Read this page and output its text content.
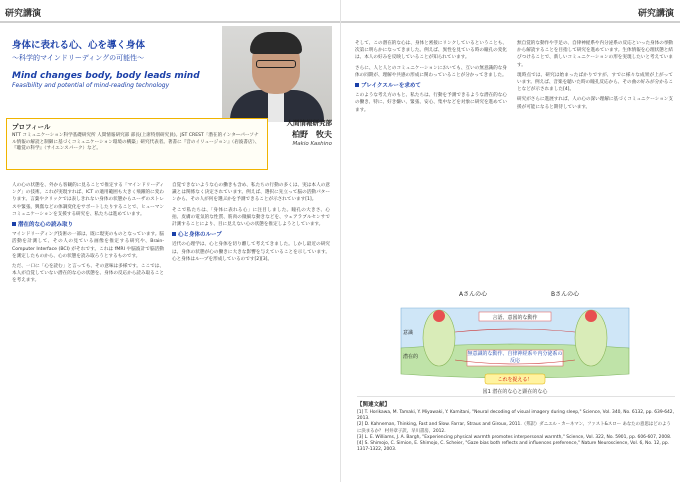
研究講演
身体に表れる心、心を導く身体
～科学的マインドリーディングの可能性～
Mind changes body, body leads mind
Feasibility and potential of mind-reading technology
プロフィール
NTT コミュニケーション科学基礎研究所 人間情報研究部 部長(上席特別研究員)。JST CREST「潜在的インタ―パーソナル情報の解読と制御に基づくコミュニケーション環境の構築」研究代表者。著書に『音のイリュージョン』（岩波書店）、『聴覚の科学』（サイエンスパーク）など。
人間情報研究部
柏野　牧夫
Makio Kashino

人の心の状態を、外から客観的に見ることで推定する「マインドリーディング」の技術。これが実現すれば、ICT の適用範囲も大きく飛躍的に変わります。言葉やクリックでは表しきれない身体の状態からユーザのストレスや緊張、興奮などの体調変化をサポートしたりすることで、ヒューマンコミュニケーションを支援する研究を、私たちは進めています。

潜在的な心の読み取り

マインドリーディング技術の一部は、既に現実のものとなっています。脳活動を計測して、その人の見ている画像を推定する研究や、Brain-Computer Interface (BCI) がそれです。これは fMRI や脳波計で脳活動を測定したものから、心の状態を読み取ろうとするものです。

ただ、一口に「心を読む」と言っても、その意味は多様です。ここでは、本人が自覚していない潜在的な心の状態を、身体の反応から読み取ることを考えます。

自覚できないような心の働きも含め、私たちの行動の多くは、実は本人の意識とは関係なく決定されています。例えば、選択に先立って脳の活動パターンから、その人が何を選ぶかを予測できることが示されています[1]。

そこで私たちは、「身体に表れる心」に注目しました。瞳孔の大きさ、心拍、皮膚の電気的な性質、筋肉の微細な動きなどを、ウェアラブルセンサで計測することにより、目に見えない心の状態を推定しようとしています。

心と身体のループ

近代の心理学は、心と身体を切り離して考えてきました。しかし最近の研究は、身体の状態が心の働きに大きな影響を与えていることを示しています。心と身体はループを形成しているのです[2][3]。

研究講演

そして、この潜在的な心は、身体と密接にリンクしているということも、次第に明らかになってきました。例えば、異性を見ている時の瞳孔の変化は、本人の好みを反映していることが知られています。

さらに、人と人とのコミュニケーションにおいても、互いの無意識的な身体の同期が、理解や共感の形成に関わっていることが分かってきました。

ブレイクスルーを求めて

このような考え方のもと、私たちは、行動を予測できるような潜在的な心の働き、特に、好き嫌い、緊張、安心、集中などを対象に研究を進めています。

無自覚的な動作や手足の、自律神経系や内分泌系の反応といった身体の挙動から解読することを目指して研究を進めています。生体情報を心理状態と結びつけることで、新しいコミュニケーションの形を実現したいと考えています。

現時点では、研究は始まったばかりですが、すでに様々な成果が上がっています。例えば、音楽を聴いた時の瞳孔反応から、その曲の好みが分かることなどが示されました[4]。

研究がさらに進展すれば、人の心の深い理解に基づくコミュニケーション支援が可能になると期待しています。

Aさんの心	Bさんの心
言語、意図的な動作
意識
潜在的	無意識的な動作、自律神経系や内分泌系の反応
これを捉える！
図1 潜在的な心と顕在的な心
【関連文献】
[1] T. Horikawa, M. Tamaki, Y. Miyawaki, Y. Kamitani, "Neural decoding of visual imagery during sleep," Science, Vol. 340, No. 6132, pp. 639-642, 2013.
[2] D. Kahneman, Thinking, Fast and Slow. Farrar, Straus and Giroux, 2011.（邦訳）ダニエル・カーネマン、ファスト&スロー あなたの意思はどのように決まるか？ 村井章子訳、早川書房、2012.
[3] L. E. Williams, J. A. Bargh, "Experiencing physical warmth promotes interpersonal warmth," Science, Vol. 322, No. 5901, pp. 606-607, 2008.
[4] S. Shimojo, C. Simion, E. Shimojo, C. Scheier, "Gaze bias both reflects and influences preference," Nature Neuroscience, Vol. 6, No. 12, pp. 1317-1322, 2003.
